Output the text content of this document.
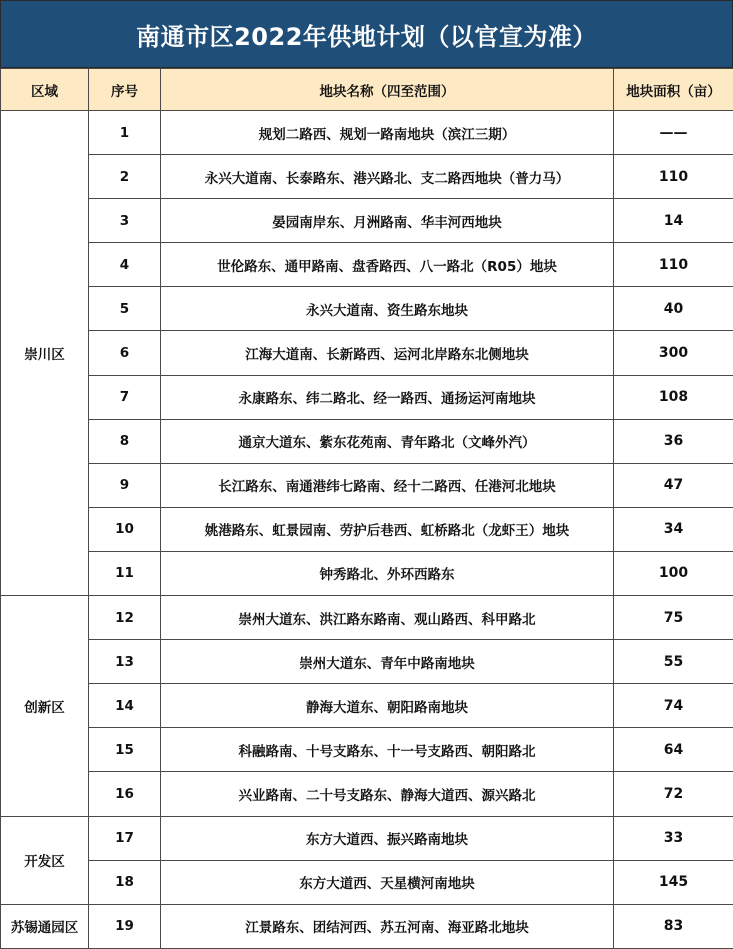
南通市区2022年供地计划（以官宣为准）
区域	序号	地块名称（四至范围）	地块面积（亩）
崇川区	1	规划二路西、规划一路南地块（滨江三期）	——
	2	永兴大道南、长泰路东、港兴路北、支二路西地块（普力马）	110
	3	晏园南岸东、月洲路南、华丰河西地块	14
	4	世伦路东、通甲路南、盘香路西、八一路北（R05）地块	110
	5	永兴大道南、资生路东地块	40
	6	江海大道南、长新路西、运河北岸路东北侧地块	300
	7	永康路东、纬二路北、经一路西、通扬运河南地块	108
	8	通京大道东、紫东花苑南、青年路北（文峰外汽）	36
	9	长江路东、南通港纬七路南、经十二路西、任港河北地块	47
	10	姚港路东、虹景园南、劳护后巷西、虹桥路北（龙虾王）地块	34
	11	钟秀路北、外环西路东	100
创新区	12	崇州大道东、洪江路东路南、观山路西、科甲路北	75
	13	崇州大道东、青年中路南地块	55
	14	静海大道东、朝阳路南地块	74
	15	科融路南、十号支路东、十一号支路西、朝阳路北	64
	16	兴业路南、二十号支路东、静海大道西、源兴路北	72
开发区	17	东方大道西、振兴路南地块	33
	18	东方大道西、天星横河南地块	145
苏锡通园区	19	江景路东、团结河西、苏五河南、海亚路北地块	83
